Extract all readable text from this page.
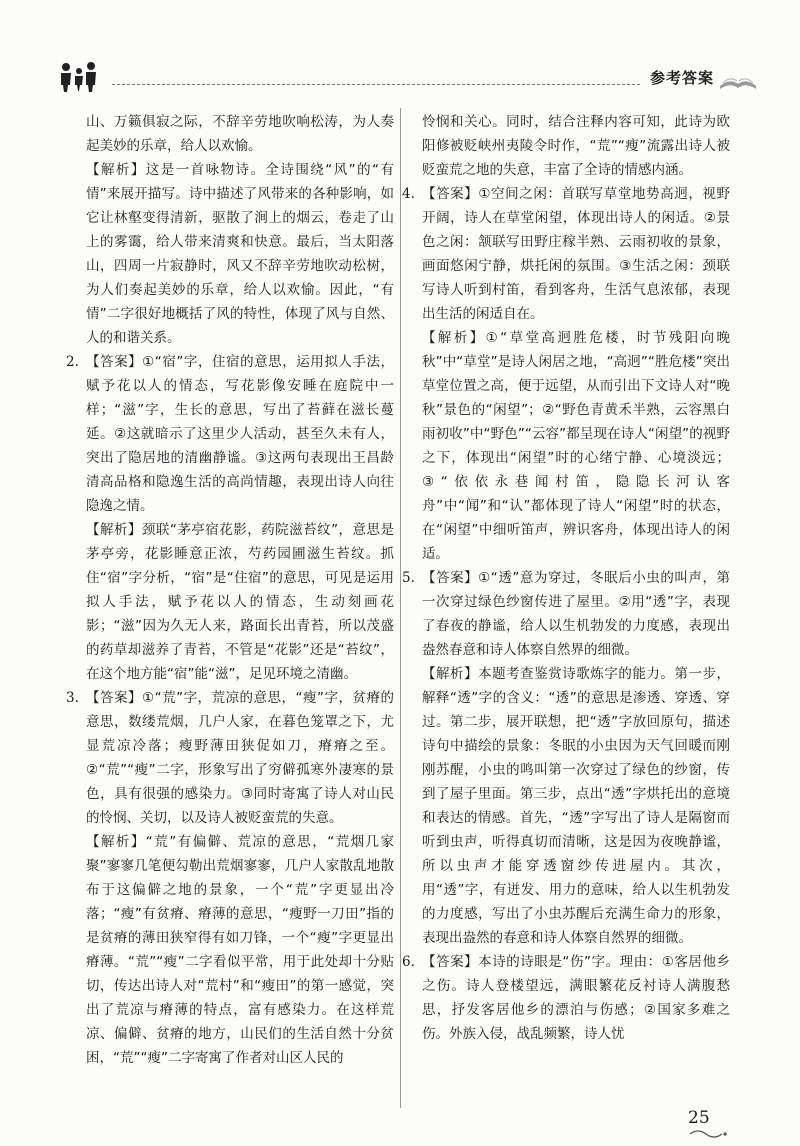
参考答案

山、万籁俱寂之际，不辞辛劳地吹响松涛，为人奏起美妙的乐章，给人以欢愉。

【解析】这是一首咏物诗。全诗围绕“风”的“有情”来展开描写。诗中描述了风带来的各种影响，如它让林壑变得清新，驱散了涧上的烟云，卷走了山上的雾霭，给人带来清爽和快意。最后，当太阳落山，四周一片寂静时，风又不辞辛劳地吹动松树，为人们奏起美妙的乐章，给人以欢愉。因此，“有情”二字很好地概括了风的特性，体现了风与自然、人的和谐关系。

2. 【答案】①“宿”字，住宿的意思，运用拟人手法，赋予花以人的情态，写花影像安睡在庭院中一样；“滋”字，生长的意思，写出了苔藓在滋长蔓延。②这就暗示了这里少人活动，甚至久未有人，突出了隐居地的清幽静谧。③这两句表现出王昌龄清高品格和隐逸生活的高尚情趣，表现出诗人向往隐逸之情。

【解析】颈联“茅亭宿花影，药院滋苔纹”，意思是茅亭旁，花影睡意正浓，芍药园圃滋生苔纹。抓住“宿”字分析，“宿”是“住宿”的意思，可见是运用拟人手法，赋予花以人的情态，生动刻画花影；“滋”因为久无人来，路面长出青苔，所以茂盛的药草却滋养了青苔，不管是“花影”还是“苔纹”，在这个地方能“宿”能“滋”，足见环境之清幽。

3. 【答案】①“荒”字，荒凉的意思，“瘦”字，贫瘠的意思，数缕荒烟，几户人家，在暮色笼罩之下，尤显荒凉冷落；瘦野薄田狭促如刀，瘠瘠之至。②“荒”“瘦”二字，形象写出了穷僻孤寒外凄寒的景色，具有很强的感染力。③同时寄寓了诗人对山民的怜悯、关切，以及诗人被贬蛮荒的失意。

【解析】“荒”有偏僻、荒凉的意思，“荒烟几家聚”寥寥几笔便勾勒出荒烟寥寥，几户人家散乱地散布于这偏僻之地的景象，一个“荒”字更显出冷落；“瘦”有贫瘠、瘠薄的意思，“瘦野一刀田”指的是贫瘠的薄田狭窄得有如刀锋，一个“瘦”字更显出瘠薄。“荒”“瘦”二字看似平常，用于此处却十分贴切，传达出诗人对“荒村”和“瘦田”的第一感觉，突出了荒凉与瘠薄的特点，富有感染力。在这样荒凉、偏僻、贫瘠的地方，山民们的生活自然十分贫困，“荒”“瘦”二字寄寓了作者对山区人民的

怜悯和关心。同时，结合注释内容可知，此诗为欧阳修被贬峡州夷陵令时作，“荒”“瘦”流露出诗人被贬蛮荒之地的失意，丰富了全诗的情感内涵。

4. 【答案】①空间之闲：首联写草堂地势高迥，视野开阔，诗人在草堂闲望，体现出诗人的闲适。②景色之闲：颔联写田野庄稼半熟、云雨初收的景象，画面悠闲宁静，烘托闲的氛围。③生活之闲：颈联写诗人听到村笛，看到客舟，生活气息浓郁，表现出生活的闲适自在。

【解析】①“草堂高迥胜危楼，时节残阳向晚秋”中“草堂”是诗人闲居之地，“高迥”“胜危楼”突出草堂位置之高，便于远望，从而引出下文诗人对“晚秋”景色的“闲望”；②“野色青黄禾半熟，云容黑白雨初收”中“野色”“云容”都呈现在诗人“闲望”的视野之下，体现出“闲望”时的心绪宁静、心境淡远；③“依依永巷闻村笛，隐隐长河认客舟”中“闻”和“认”都体现了诗人“闲望”时的状态，在“闲望”中细听笛声，辨识客舟，体现出诗人的闲适。

5. 【答案】①“透”意为穿过，冬眠后小虫的叫声，第一次穿过绿色纱窗传进了屋里。②用“透”字，表现了春夜的静谧，给人以生机勃发的力度感，表现出盎然春意和诗人体察自然界的细微。

【解析】本题考查鉴赏诗歌炼字的能力。第一步，解释“透”字的含义：“透”的意思是渗透、穿透、穿过。第二步，展开联想，把“透”字放回原句，描述诗句中描绘的景象：冬眠的小虫因为天气回暖而刚刚苏醒，小虫的鸣叫第一次穿过了绿色的纱窗，传到了屋子里面。第三步，点出“透”字烘托出的意境和表达的情感。首先，“透”字写出了诗人是隔窗而听到虫声，听得真切而清晰，这是因为夜晚静谧，所以虫声才能穿透窗纱传进屋内。其次，用“透”字，有迸发、用力的意味，给人以生机勃发的力度感，写出了小虫苏醒后充满生命力的形象，表现出盎然的春意和诗人体察自然界的细微。

6. 【答案】本诗的诗眼是“伤”字。理由：①客居他乡之伤。诗人登楼望远，满眼繁花反衬诗人满腹愁思，抒发客居他乡的漂泊与伤感；②国家多难之伤。外族入侵，战乱频繁，诗人忧

25
